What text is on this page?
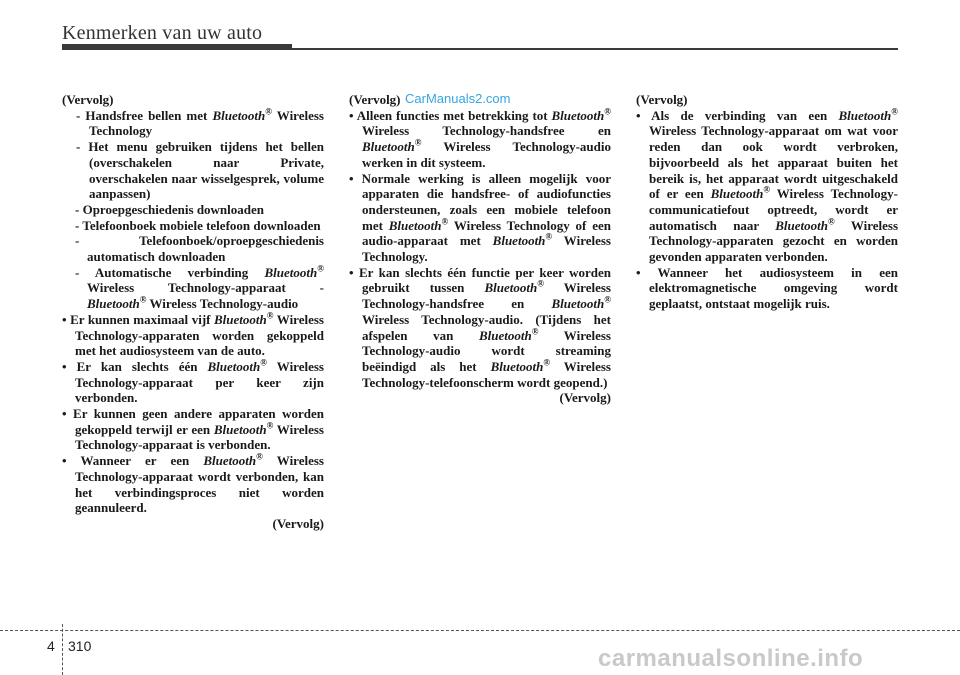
Kenmerken van uw auto

(Vervolg)

- Handsfree bellen met Bluetooth® Wireless Technology

- Het menu gebruiken tijdens het bellen (overschakelen naar Private, overschakelen naar wisselgesprek, volume aanpassen)

- Oproepgeschiedenis downloaden

- Telefoonboek mobiele telefoon downloaden

- Telefoonboek/oproepgeschiedenis automatisch downloaden

- Automatische verbinding Bluetooth® Wireless Technology-apparaat - Bluetooth® Wireless Technology-audio

• Er kunnen maximaal vijf Bluetooth® Wireless Technology-apparaten worden gekoppeld met het audiosysteem van de auto.

• Er kan slechts één Bluetooth® Wireless Technology-apparaat per keer zijn verbonden.

• Er kunnen geen andere apparaten worden gekoppeld terwijl er een Bluetooth® Wireless Technology-apparaat is verbonden.

• Wanneer er een Bluetooth® Wireless Technology-apparaat wordt verbonden, kan het verbindingsproces niet worden geannuleerd.

(Vervolg)

(Vervolg)

• Alleen functies met betrekking tot Bluetooth® Wireless Technology-handsfree en Bluetooth® Wireless Technology-audio werken in dit systeem.

• Normale werking is alleen mogelijk voor apparaten die handsfree- of audiofuncties ondersteunen, zoals een mobiele telefoon met Bluetooth® Wireless Technology of een audio-apparaat met Bluetooth® Wireless Technology.

• Er kan slechts één functie per keer worden gebruikt tussen Bluetooth® Wireless Technology-handsfree en Bluetooth® Wireless Technology-audio. (Tijdens het afspelen van Bluetooth® Wireless Technology-audio wordt streaming beëindigd als het Bluetooth® Wireless Technology-telefoonscherm wordt geopend.)

(Vervolg)

CarManuals2.com	(Vervolg)

• Als de verbinding van een Bluetooth® Wireless Technology-apparaat om wat voor reden dan ook wordt verbroken, bijvoorbeeld als het apparaat buiten het bereik is, het apparaat wordt uitgeschakeld of er een Bluetooth® Wireless Technology-communicatiefout optreedt, wordt er automatisch naar Bluetooth® Wireless Technology-apparaten gezocht en worden gevonden apparaten verbonden.

• Wanneer het audiosysteem in een elektromagnetische omgeving wordt geplaatst, ontstaat mogelijk ruis.

4 310	carmanualsonline.info
